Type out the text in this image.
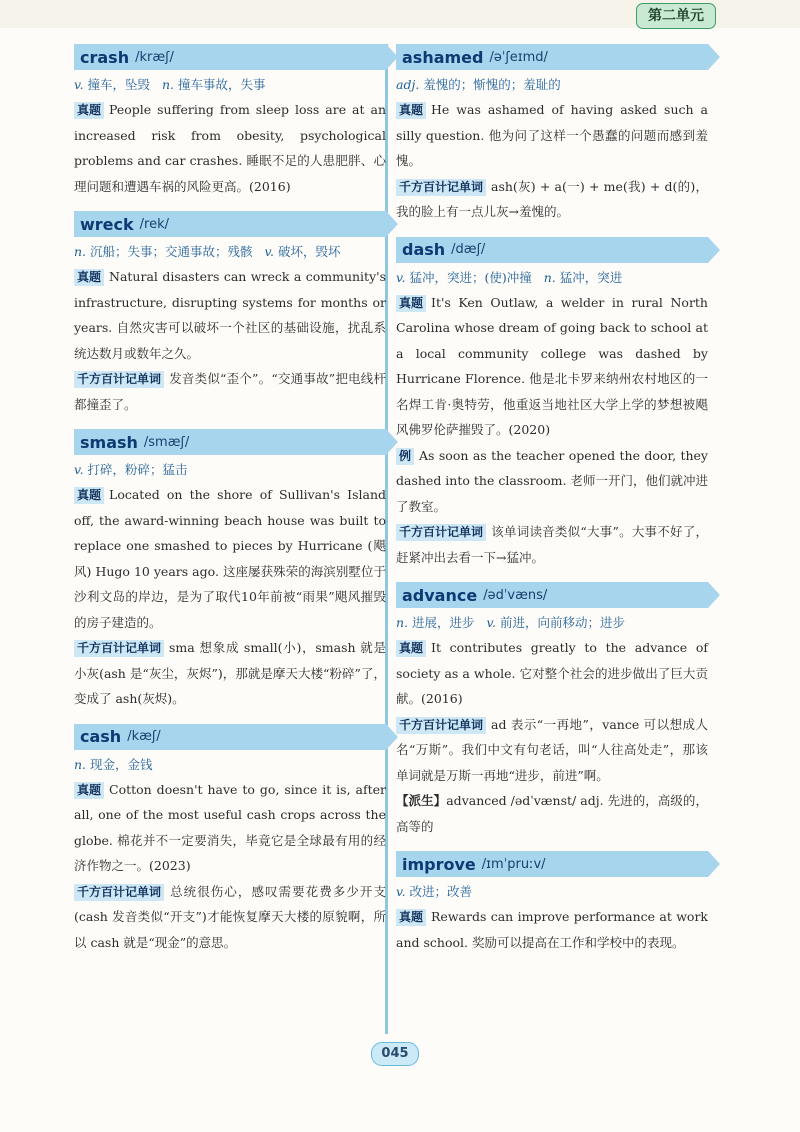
第二单元
crash /kræʃ/
v. 撞车，坠毁 n. 撞车事故，失事

真题 People suffering from sleep loss are at an increased risk from obesity, psychological problems and car crashes. 睡眠不足的人患肥胖、心理问题和遭遇车祸的风险更高。(2016)

wreck /rek/
n. 沉船；失事；交通事故；残骸 v. 破坏，毁坏

真题 Natural disasters can wreck a community's infrastructure, disrupting systems for months or years. 自然灾害可以破坏一个社区的基础设施，扰乱系统达数月或数年之久。

千方百计记单词 发音类似“歪个”。“交通事故”把电线杆都撞歪了。

smash /smæʃ/
v. 打碎，粉碎；猛击

真题 Located on the shore of Sullivan's Island off, the award-winning beach house was built to replace one smashed to pieces by Hurricane (飓风) Hugo 10 years ago. 这座屡获殊荣的海滨别墅位于沙利文岛的岸边，是为了取代10年前被“雨果”飓风摧毁的房子建造的。

千方百计记单词 sma 想象成 small(小)，smash 就是小灰(ash 是“灰尘，灰烬”)，那就是摩天大楼“粉碎”了，变成了 ash(灰烬)。

cash /kæʃ/
n. 现金，金钱

真题 Cotton doesn't have to go, since it is, after all, one of the most useful cash crops across the globe. 棉花并不一定要消失，毕竟它是全球最有用的经济作物之一。(2023)

千方百计记单词 总统很伤心，感叹需要花费多少开支(cash 发音类似“开支”)才能恢复摩天大楼的原貌啊，所以 cash 就是“现金”的意思。

ashamed /əˈʃeɪmd/
adj. 羞愧的；惭愧的；羞耻的

真题 He was ashamed of having asked such a silly question. 他为问了这样一个愚蠢的问题而感到羞愧。

千方百计记单词 ash(灰) + a(一) + me(我) + d(的)，我的脸上有一点儿灰→羞愧的。

dash /dæʃ/
v. 猛冲，突进；(使)冲撞 n. 猛冲，突进

真题 It's Ken Outlaw, a welder in rural North Carolina whose dream of going back to school at a local community college was dashed by Hurricane Florence. 他是北卡罗来纳州农村地区的一名焊工肯·奥特劳，他重返当地社区大学上学的梦想被飓风佛罗伦萨摧毁了。(2020)

例 As soon as the teacher opened the door, they dashed into the classroom. 老师一开门，他们就冲进了教室。

千方百计记单词 该单词读音类似“大事”。大事不好了，赶紧冲出去看一下→猛冲。

advance /ədˈvæns/
n. 进展，进步 v. 前进，向前移动；进步

真题 It contributes greatly to the advance of society as a whole. 它对整个社会的进步做出了巨大贡献。(2016)

千方百计记单词 ad 表示“一再地”，vance 可以想成人名“万斯”。我们中文有句老话，叫“人往高处走”，那该单词就是万斯一再地“进步，前进”啊。

【派生】advanced /ədˈvænst/ adj. 先进的，高级的，高等的

improve /ɪmˈpruːv/
v. 改进；改善

真题 Rewards can improve performance at work and school. 奖励可以提高在工作和学校中的表现。

045
